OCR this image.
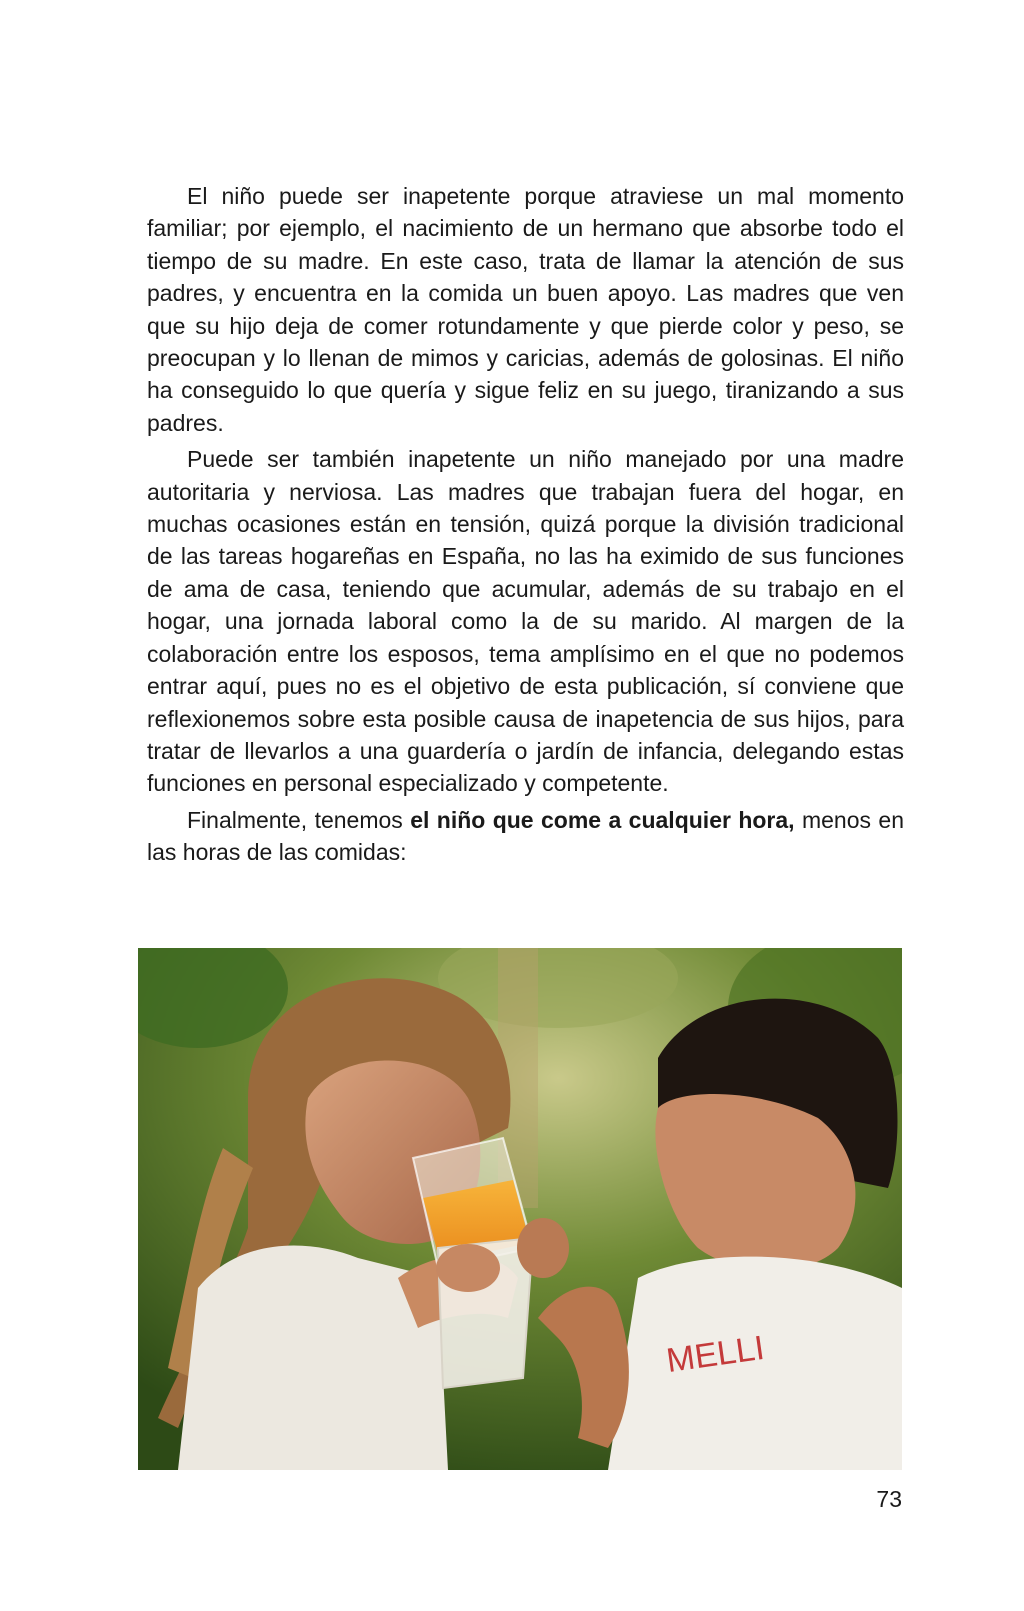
El niño puede ser inapetente porque atraviese un mal momento familiar; por ejemplo, el nacimiento de un hermano que absorbe todo el tiempo de su madre. En este caso, trata de llamar la atención de sus padres, y encuentra en la comida un buen apoyo. Las madres que ven que su hijo deja de comer rotundamente y que pierde color y peso, se preocupan y lo llenan de mimos y caricias, además de golosinas. El niño ha conseguido lo que quería y sigue feliz en su juego, tiranizando a sus padres.

Puede ser también inapetente un niño manejado por una madre autoritaria y nerviosa. Las madres que trabajan fuera del hogar, en muchas ocasiones están en tensión, quizá porque la división tradicional de las tareas hogareñas en España, no las ha eximido de sus funciones de ama de casa, teniendo que acumular, además de su trabajo en el hogar, una jornada laboral como la de su marido. Al margen de la colaboración entre los esposos, tema amplísimo en el que no podemos entrar aquí, pues no es el objetivo de esta publicación, sí conviene que reflexionemos sobre esta posible causa de inapetencia de sus hijos, para tratar de llevarlos a una guardería o jardín de infancia, delegando estas funciones en personal especializado y competente.

Finalmente, tenemos el niño que come a cualquier hora, menos en las horas de las comidas:

MELLI
73
